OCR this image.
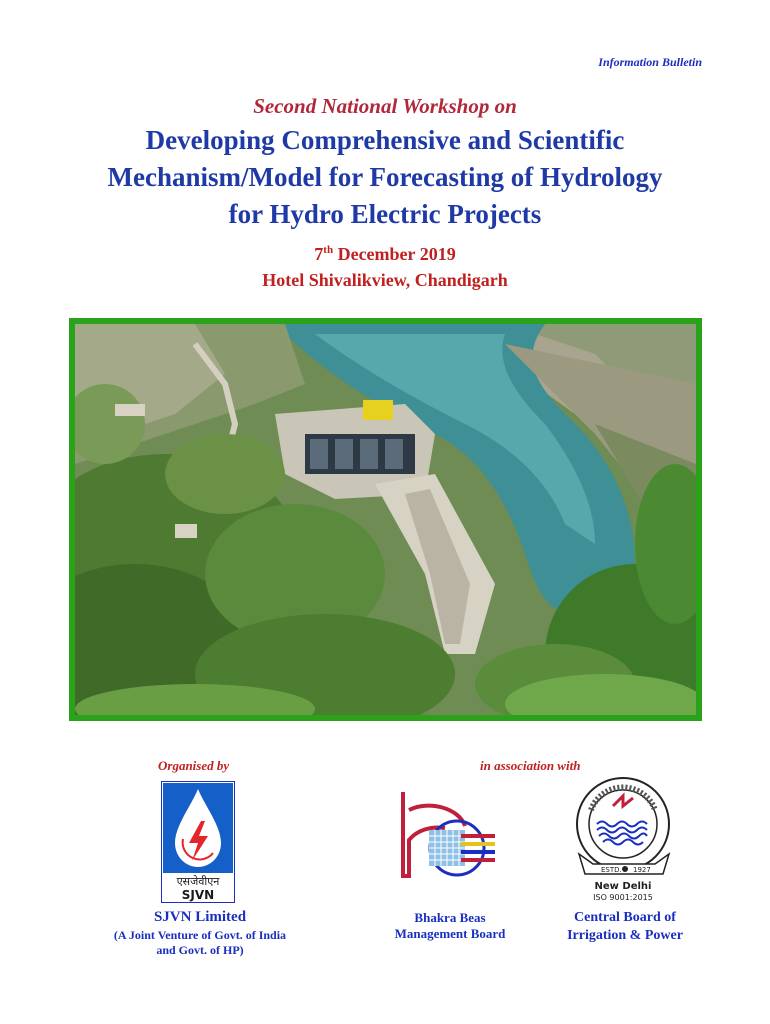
Information Bulletin
Second National Workshop on
Developing Comprehensive and Scientific
Mechanism/Model for Forecasting of Hydrology
for Hydro Electric Projects
7th December 2019
Hotel Shivalikview, Chandigarh
Organised by	in association with
एसजेवीएन
SJVN
ESTD. 1927
New Delhi
ISO 9001:2015
SJVN Limited
(A Joint Venture of Govt. of India
and Govt. of HP)
Bhakra Beas
Management Board
Central Board of
Irrigation & Power
